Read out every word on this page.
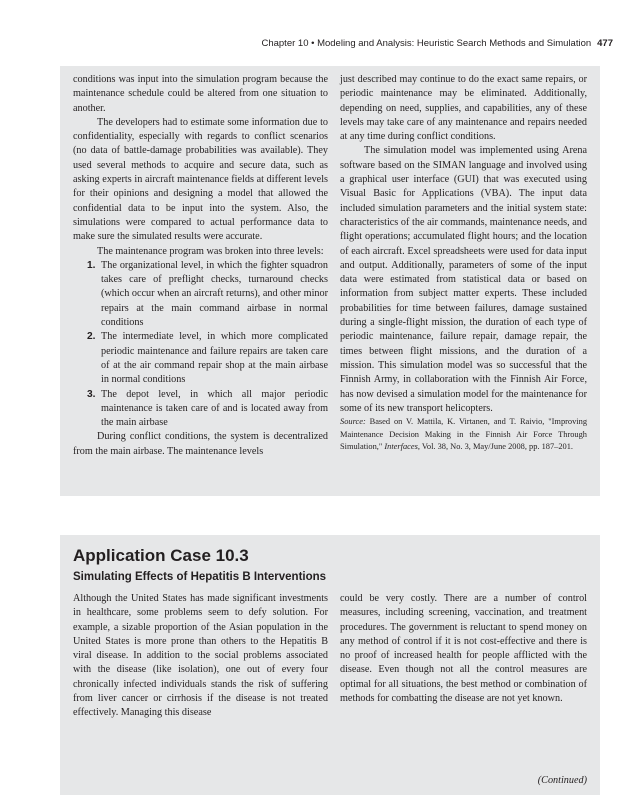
Chapter 10 • Modeling and Analysis: Heuristic Search Methods and Simulation 477

conditions was input into the simulation program because the maintenance schedule could be altered from one situation to another.

The developers had to estimate some information due to confidentiality, especially with regards to conflict scenarios (no data of battle-damage probabilities was available). They used several methods to acquire and secure data, such as asking experts in aircraft maintenance fields at different levels for their opinions and designing a model that allowed the confidential data to be input into the system. Also, the simulations were compared to actual performance data to make sure the simulated results were accurate.

The maintenance program was broken into three levels:

1. The organizational level, in which the fighter squadron takes care of preflight checks, turnaround checks (which occur when an aircraft returns), and other minor repairs at the main command airbase in normal conditions
2. The intermediate level, in which more complicated periodic maintenance and failure repairs are taken care of at the air command repair shop at the main airbase in normal conditions
3. The depot level, in which all major periodic maintenance is taken care of and is located away from the main airbase

During conflict conditions, the system is decentralized from the main airbase. The maintenance levels

just described may continue to do the exact same repairs, or periodic maintenance may be eliminated. Additionally, depending on need, supplies, and capabilities, any of these levels may take care of any maintenance and repairs needed at any time during conflict conditions.

The simulation model was implemented using Arena software based on the SIMAN language and involved using a graphical user interface (GUI) that was executed using Visual Basic for Applications (VBA). The input data included simulation parameters and the initial system state: characteristics of the air commands, maintenance needs, and flight operations; accumulated flight hours; and the location of each aircraft. Excel spreadsheets were used for data input and output. Additionally, parameters of some of the input data were estimated from statistical data or based on information from subject matter experts. These included probabilities for time between failures, damage sustained during a single-flight mission, the duration of each type of periodic maintenance, failure repair, damage repair, the times between flight missions, and the duration of a mission. This simulation model was so successful that the Finnish Army, in collaboration with the Finnish Air Force, has now devised a simulation model for the maintenance for some of its new transport helicopters.

Source: Based on V. Mattila, K. Virtanen, and T. Raivio, "Improving Maintenance Decision Making in the Finnish Air Force Through Simulation," Interfaces, Vol. 38, No. 3, May/June 2008, pp. 187–201.

Application Case 10.3
Simulating Effects of Hepatitis B Interventions

Although the United States has made significant investments in healthcare, some problems seem to defy solution. For example, a sizable proportion of the Asian population in the United States is more prone than others to the Hepatitis B viral disease. In addition to the social problems associated with the disease (like isolation), one out of every four chronically infected individuals stands the risk of suffering from liver cancer or cirrhosis if the disease is not treated effectively. Managing this disease

could be very costly. There are a number of control measures, including screening, vaccination, and treatment procedures. The government is reluctant to spend money on any method of control if it is not cost-effective and there is no proof of increased health for people afflicted with the disease. Even though not all the control measures are optimal for all situations, the best method or combination of methods for combatting the disease are not yet known.

(Continued)
